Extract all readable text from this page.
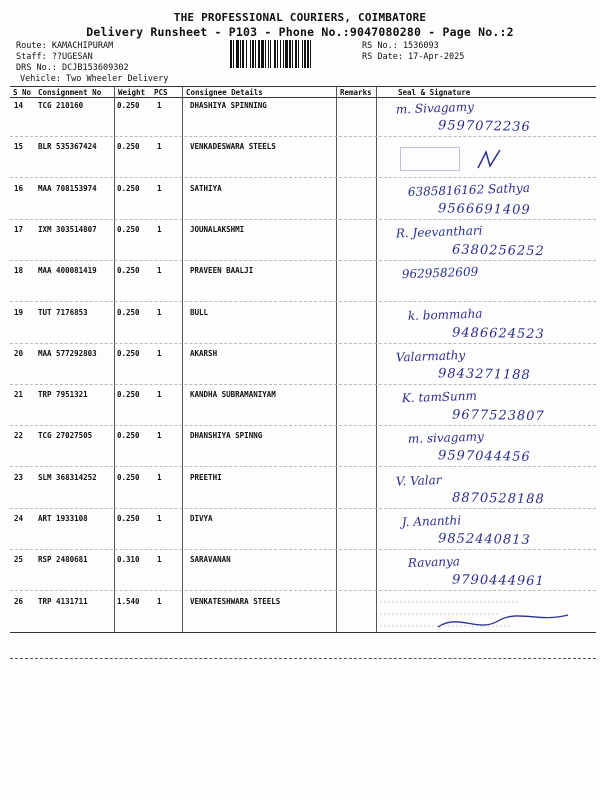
THE PROFESSIONAL COURIERS, COIMBATORE
Delivery Runsheet - P103 - Phone No.:9047080280 - Page No.:2
Route: KAMACHIPURAM
Staff: ??UGESAN
DRS No.: DCJB153609302
Vehicle: Two Wheeler Delivery
RS No.: 1536093
RS Date: 17-Apr-2025
S No Consignment No Weight PCS Consignee Details	Remarks	Seal & Signature
14 TCG 210160	0.250 1	DHASHIYA SPINNING	m. Sivagamy
9597072236
15 BLR 535367424	0.250 1	VENKADESWARA STEELS
16 MAA 708153974	0.250 1	SATHIYA	6385816162 Sathya
9566691409
17 IXM 303514807	0.250 1	JOUNALAKSHMI	R. Jeevanthari
6380256252
18 MAA 400081419	0.250 1	PRAVEEN BAALJI	9629582609
19 TUT 7176853	0.250 1	BULL	k. bommaha
9486624523
20 MAA 577292803	0.250 1	AKARSH	Valarmathy
9843271188
21 TRP 7951321	0.250 1	KANDHA SUBRAMANIYAM	K. tamSunm
9677523807
22 TCG 27027505	0.250 1	DHANSHIYA SPINNG	m. sivagamy
9597044456
23 SLM 368314252	0.250 1	PREETHI	V. Valar
8870528188
24 ART 1933108	0.250 1	DIVYA	J. Ananthi
9852440813
25 RSP 2480681	0.310 1	SARAVANAN	Ravanya
9790444961
26 TRP 4131711	1.540 1	VENKATESHWARA STEELS
